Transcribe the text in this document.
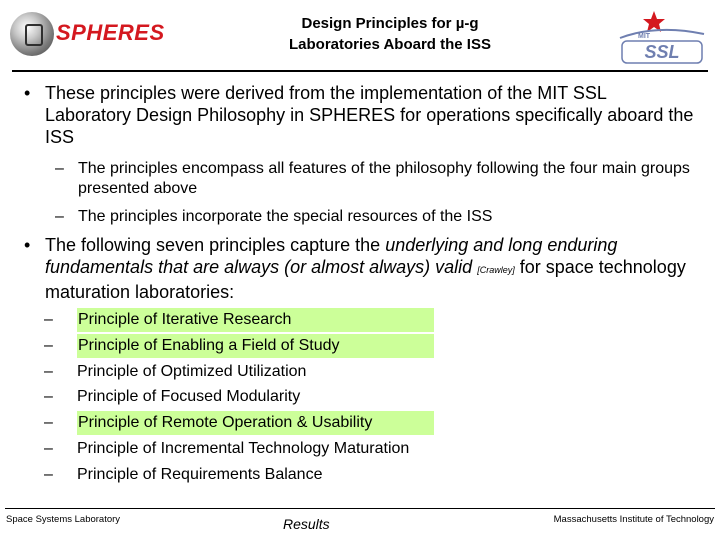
SPHERES	Design Principles for µ-g
Laboratories Aboard the ISS	SSL
MIT
• These principles were derived from the implementation of the MIT SSL Laboratory Design Philosophy in SPHERES for operations specifically aboard the ISS
– The principles encompass all features of the philosophy following the four main groups presented above
– The principles incorporate the special resources of the ISS
• The following seven principles capture the underlying and long enduring fundamentals that are always (or almost always) valid [Crawley] for space technology maturation laboratories:
– Principle of Iterative Research
– Principle of Enabling a Field of Study
– Principle of Optimized Utilization
– Principle of Focused Modularity
– Principle of Remote Operation & Usability
– Principle of Incremental Technology Maturation
– Principle of Requirements Balance
Space Systems Laboratory	Results	Massachusetts Institute of Technology
